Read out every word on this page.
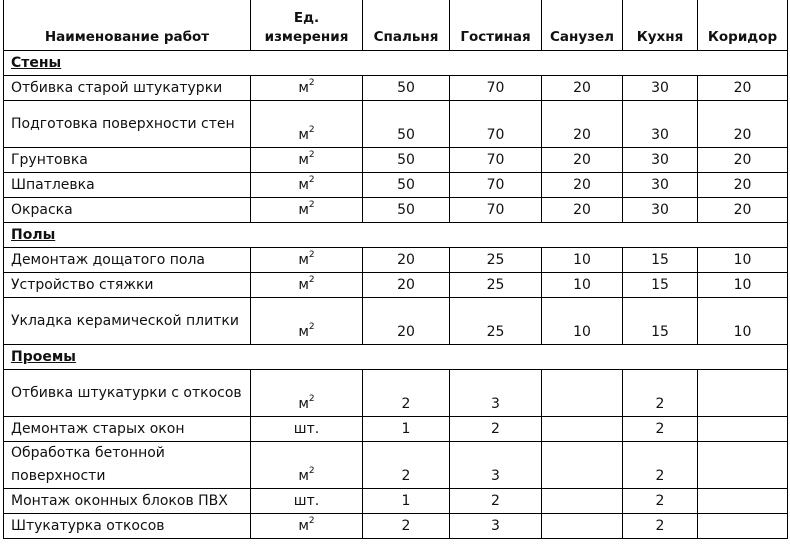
Наименование работ	Ед. измерения	Спальня	Гостиная	Санузел	Кухня	Коридор
Стены						
Отбивка старой штукатурки	$м^2$	50	70	20	30	20
Подготовка поверхности стен	$м^2$	50	70	20	30	20
Грунтовка	$м^2$	50	70	20	30	20
Шпатлевка	$м^2$	50	70	20	30	20
Окраска	$м^2$	50	70	20	30	20
Полы						
Демонтаж дощатого пола	$м^2$	20	25	10	15	10
Устройство стяжки	$м^2$	20	25	10	15	10
Укладка керамической плитки	$м^2$	20	25	10	15	10
Проемы						
Отбивка штукатурки с откосов	$м^2$	2	3		2	
Демонтаж старых окон	шт.	1	2		2	
Обработка бетонной поверхности	$м^2$	2	3		2	
Монтаж оконных блоков ПВХ	шт.	1	2		2	
Штукатурка откосов	$м^2$	2	3		2	
